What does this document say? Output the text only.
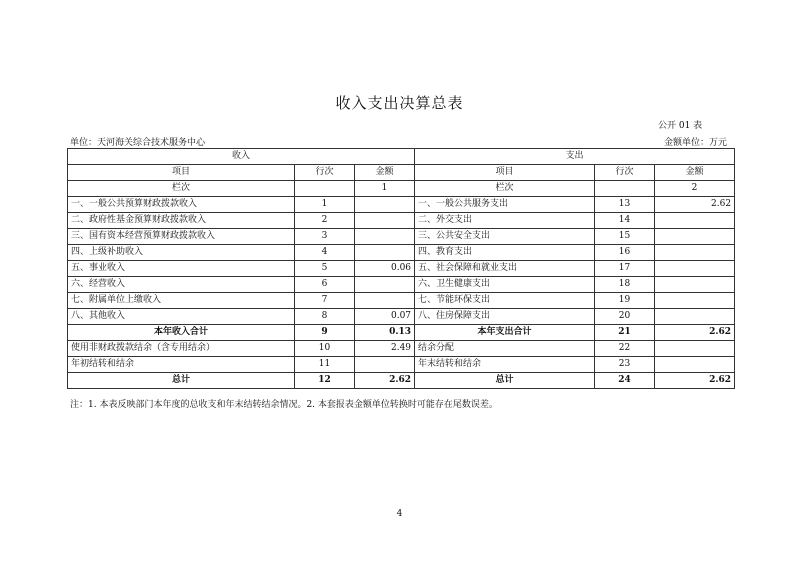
收入支出决算总表
公开 01 表
单位：天河海关综合技术服务中心	金额单位：万元
收入			支出		
项目	行次	金额	项目	行次	金额
栏次		1	栏次		2
一、一般公共预算财政拨款收入	1		一、一般公共服务支出	13	2.62
二、政府性基金预算财政拨款收入	2		二、外交支出	14	
三、国有资本经营预算财政拨款收入	3		三、公共安全支出	15	
四、上级补助收入	4		四、教育支出	16	
五、事业收入	5	0.06	五、社会保障和就业支出	17	
六、经营收入	6		六、卫生健康支出	18	
七、附属单位上缴收入	7		七、节能环保支出	19	
八、其他收入	8	0.07	八、住房保障支出	20	
本年收入合计	9	0.13	本年支出合计	21	2.62
使用非财政拨款结余（含专用结余）	10	2.49	结余分配	22	
年初结转和结余	11		年末结转和结余	23	
总计	12	2.62	总计	24	2.62
注：1. 本表反映部门本年度的总收支和年末结转结余情况。2. 本套报表金额单位转换时可能存在尾数误差。
4
